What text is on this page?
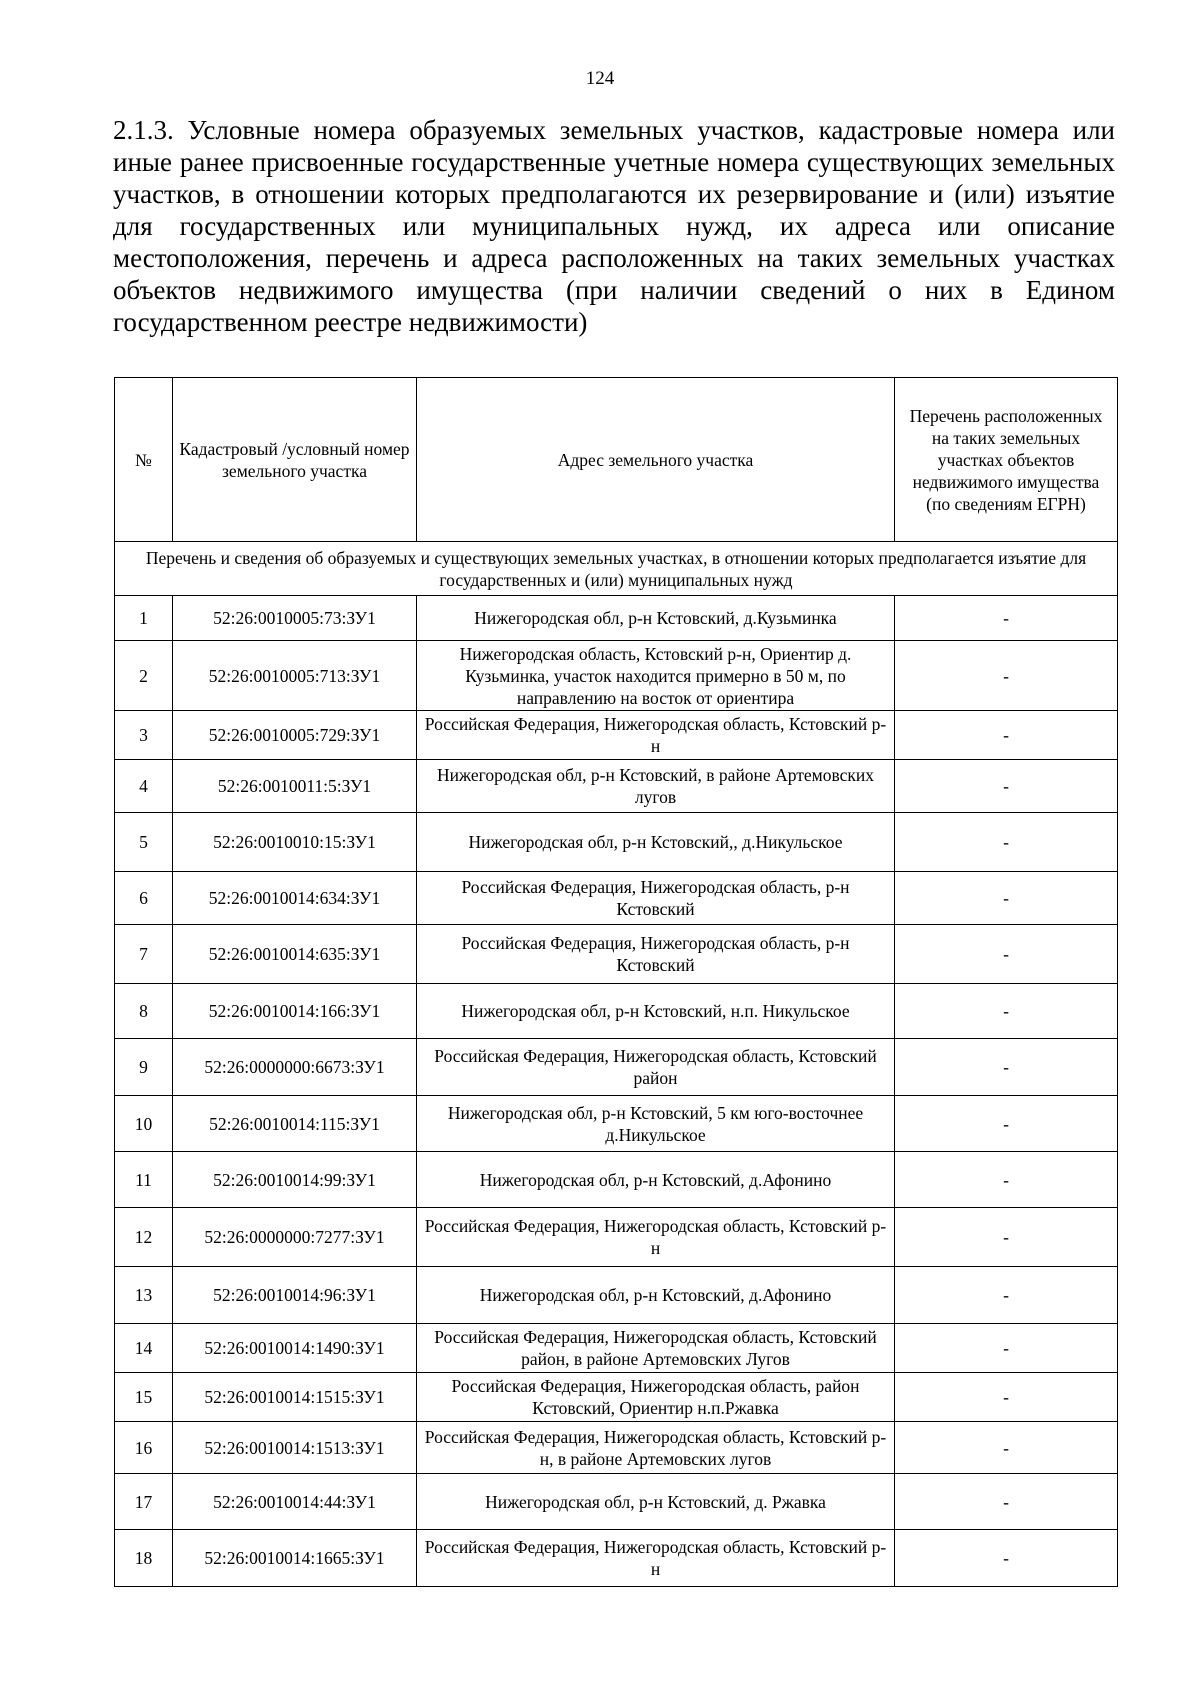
124
2.1.3. Условные номера образуемых земельных участков, кадастровые номера или иные ранее присвоенные государственные учетные номера существующих земельных участков, в отношении которых предполагаются их резервирование и (или) изъятие для государственных или муниципальных нужд, их адреса или описание местоположения, перечень и адреса расположенных на таких земельных участках объектов недвижимого имущества (при наличии сведений о них в Едином государственном реестре недвижимости)
№	Кадастровый /условный номер земельного участка	Адрес земельного участка	Перечень расположенных на таких земельных участках объектов недвижимого имущества (по сведениям ЕГРН)
Перечень и сведения об образуемых и существующих земельных участках, в отношении которых предполагается изъятие для государственных и (или) муниципальных нужд			
1	52:26:0010005:73:ЗУ1	Нижегородская обл, р-н Кстовский, д.Кузьминка	-
2	52:26:0010005:713:ЗУ1	Нижегородская область, Кстовский р-н, Ориентир д. Кузьминка, участок находится примерно в 50 м, по направлению на восток от ориентира	-
3	52:26:0010005:729:ЗУ1	Российская Федерация, Нижегородская область, Кстовский р-н	-
4	52:26:0010011:5:ЗУ1	Нижегородская обл, р-н Кстовский, в районе Артемовских лугов	-
5	52:26:0010010:15:ЗУ1	Нижегородская обл, р-н Кстовский,, д.Никульское	-
6	52:26:0010014:634:ЗУ1	Российская Федерация, Нижегородская область, р-н Кстовский	-
7	52:26:0010014:635:ЗУ1	Российская Федерация, Нижегородская область, р-н Кстовский	-
8	52:26:0010014:166:ЗУ1	Нижегородская обл, р-н Кстовский, н.п. Никульское	-
9	52:26:0000000:6673:ЗУ1	Российская Федерация, Нижегородская область, Кстовский район	-
10	52:26:0010014:115:ЗУ1	Нижегородская обл, р-н Кстовский, 5 км юго-восточнее д.Никульское	-
11	52:26:0010014:99:ЗУ1	Нижегородская обл, р-н Кстовский, д.Афонино	-
12	52:26:0000000:7277:ЗУ1	Российская Федерация, Нижегородская область, Кстовский р-н	-
13	52:26:0010014:96:ЗУ1	Нижегородская обл, р-н Кстовский, д.Афонино	-
14	52:26:0010014:1490:ЗУ1	Российская Федерация, Нижегородская область, Кстовский район, в районе Артемовских Лугов	-
15	52:26:0010014:1515:ЗУ1	Российская Федерация, Нижегородская область, район Кстовский, Ориентир н.п.Ржавка	-
16	52:26:0010014:1513:ЗУ1	Российская Федерация, Нижегородская область, Кстовский р-н, в районе Артемовских лугов	-
17	52:26:0010014:44:ЗУ1	Нижегородская обл, р-н Кстовский, д. Ржавка	-
18	52:26:0010014:1665:ЗУ1	Российская Федерация, Нижегородская область, Кстовский р-н	-
